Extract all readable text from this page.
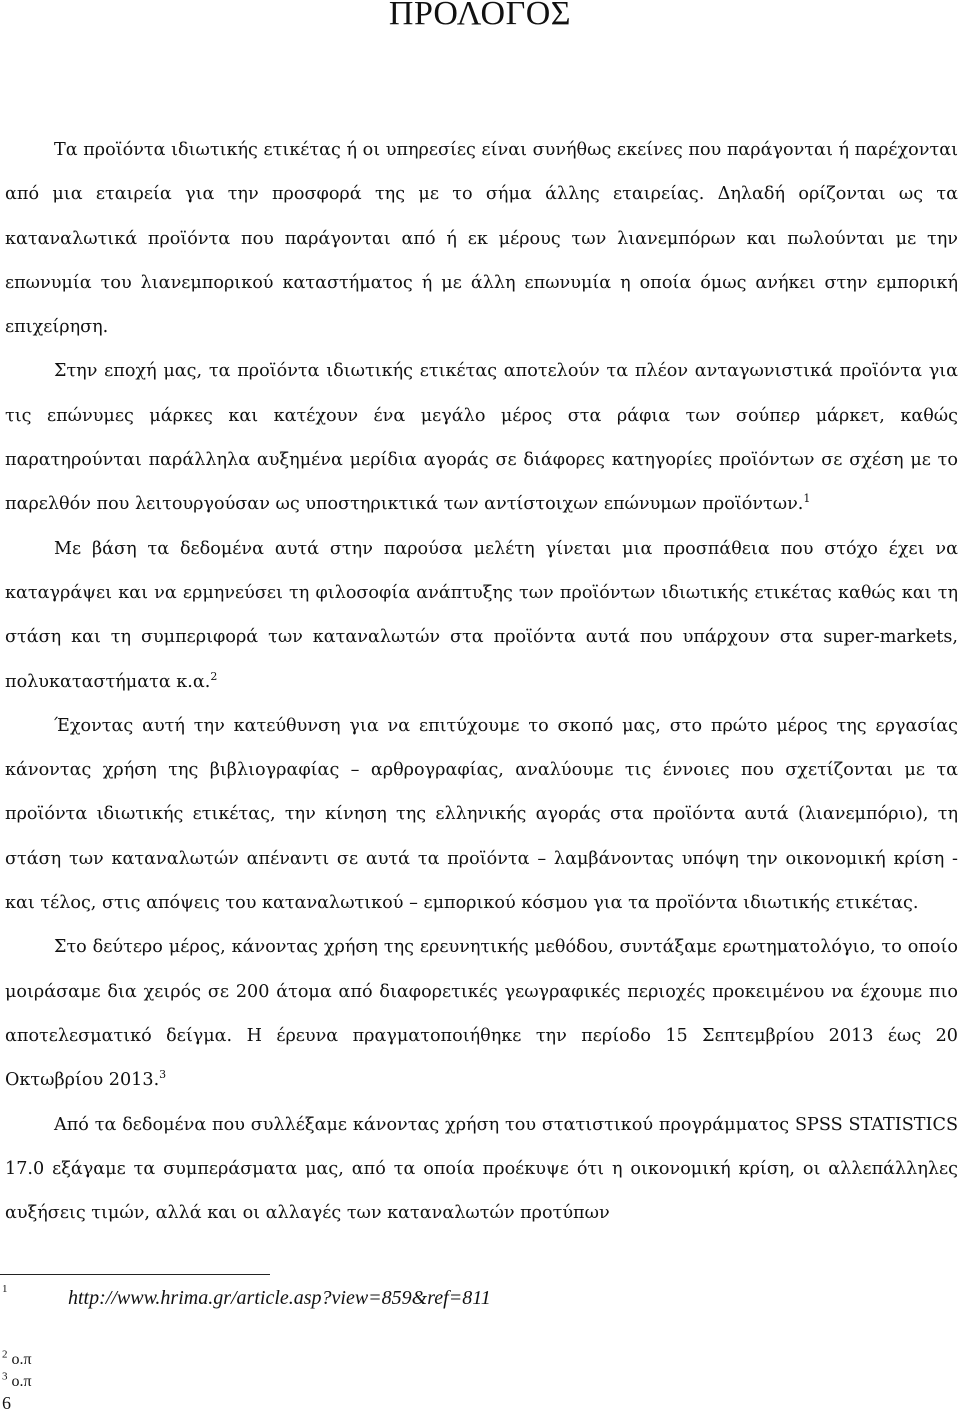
ΠΡΟΛΟΓΟΣ

Τα προϊόντα ιδιωτικής ετικέτας ή οι υπηρεσίες είναι συνήθως εκείνες που παράγονται ή παρέχονται από μια εταιρεία για την προσφορά της με το σήμα άλλης εταιρείας. Δηλαδή ορίζονται ως τα καταναλωτικά προϊόντα που παράγονται από ή εκ μέρους των λιανεμπόρων και πωλούνται με την επωνυμία του λιανεμπορικού καταστήματος ή με άλλη επωνυμία η οποία όμως ανήκει στην εμπορική επιχείρηση.

Στην εποχή μας, τα προϊόντα ιδιωτικής ετικέτας αποτελούν τα πλέον ανταγωνιστικά προϊόντα για τις επώνυμες μάρκες και κατέχουν ένα μεγάλο μέρος στα ράφια των σούπερ μάρκετ, καθώς παρατηρούνται παράλληλα αυξημένα μερίδια αγοράς σε διάφορες κατηγορίες προϊόντων σε σχέση με το παρελθόν που λειτουργούσαν ως υποστηρικτικά των αντίστοιχων επώνυμων προϊόντων.$^1$

Με βάση τα δεδομένα αυτά στην παρούσα μελέτη γίνεται μια προσπάθεια που στόχο έχει να καταγράψει και να ερμηνεύσει τη φιλοσοφία ανάπτυξης των προϊόντων ιδιωτικής ετικέτας καθώς και τη στάση και τη συμπεριφορά των καταναλωτών στα προϊόντα αυτά που υπάρχουν στα super-markets, πολυκαταστήματα κ.α.$^2$

Έχοντας αυτή την κατεύθυνση για να επιτύχουμε το σκοπό μας, στο πρώτο μέρος της εργασίας κάνοντας χρήση της βιβλιογραφίας – αρθρογραφίας, αναλύουμε τις έννοιες που σχετίζονται με τα προϊόντα ιδιωτικής ετικέτας, την κίνηση της ελληνικής αγοράς στα προϊόντα αυτά (λιανεμπόριο), τη στάση των καταναλωτών απέναντι σε αυτά τα προϊόντα – λαμβάνοντας υπόψη την οικονομική κρίση - και τέλος, στις απόψεις του καταναλωτικού – εμπορικού κόσμου για τα προϊόντα ιδιωτικής ετικέτας.

Στο δεύτερο μέρος, κάνοντας χρήση της ερευνητικής μεθόδου, συντάξαμε ερωτηματολόγιο, το οποίο μοιράσαμε δια χειρός σε 200 άτομα από διαφορετικές γεωγραφικές περιοχές προκειμένου να έχουμε πιο αποτελεσματικό δείγμα. Η έρευνα πραγματοποιήθηκε την περίοδο 15 Σεπτεμβρίου 2013 έως 20 Οκτωβρίου 2013.$^3$

Από τα δεδομένα που συλλέξαμε κάνοντας χρήση του στατιστικού προγράμματος SPSS STATISTICS 17.0 εξάγαμε τα συμπεράσματα μας, από τα οποία προέκυψε ότι η οικονομική κρίση, οι αλλεπάλληλες αυξήσεις τιμών, αλλά και οι αλλαγές των καταναλωτών προτύπων

1	http://www.hrima.gr/article.asp?view=859&ref=811
$^2$ ο.π
$^3$ ο.π
6
